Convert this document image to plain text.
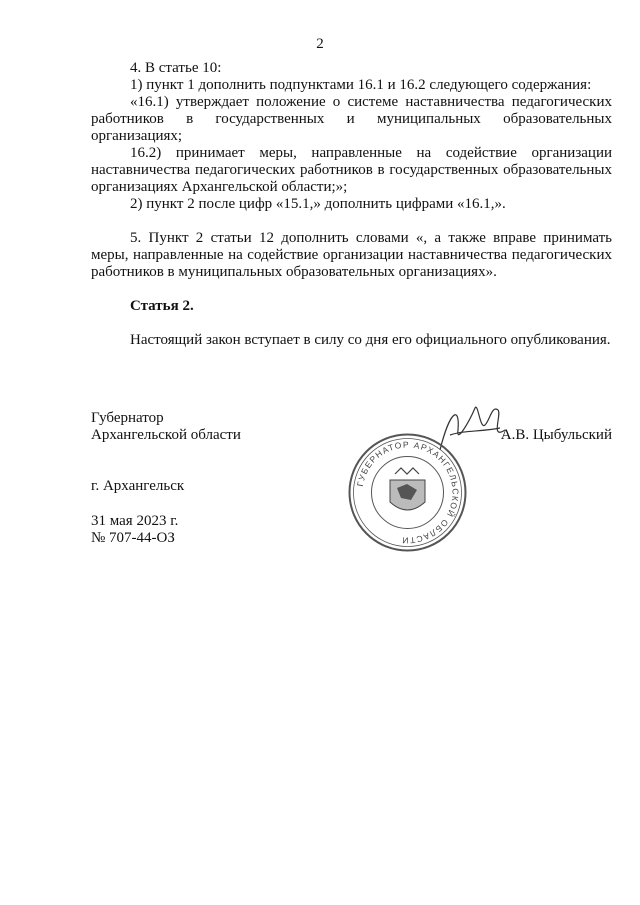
2

4. В статье 10:

1) пункт 1 дополнить подпунктами 16.1 и 16.2 следующего содержания:

«16.1) утверждает положение о системе наставничества педагогических работников в государственных и муниципальных образовательных организациях;

16.2) принимает меры, направленные на содействие организации наставничества педагогических работников в государственных образовательных организациях Архангельской области;»;

2) пункт 2 после цифр «15.1,» дополнить цифрами «16.1,».

5. Пункт 2 статьи 12 дополнить словами «, а также вправе принимать меры, направленные на содействие организации наставничества педагогических работников в муниципальных образовательных организациях».

Статья 2.

Настоящий закон вступает в силу со дня его официального опубликования.

Губернатор
Архангельской области	А.В. Цыбульский
ГУБЕРНАТОР АРХАНГЕЛЬСКОЙ ОБЛАСТИ
г. Архангельск
31 мая 2023 г.
№ 707-44-ОЗ
